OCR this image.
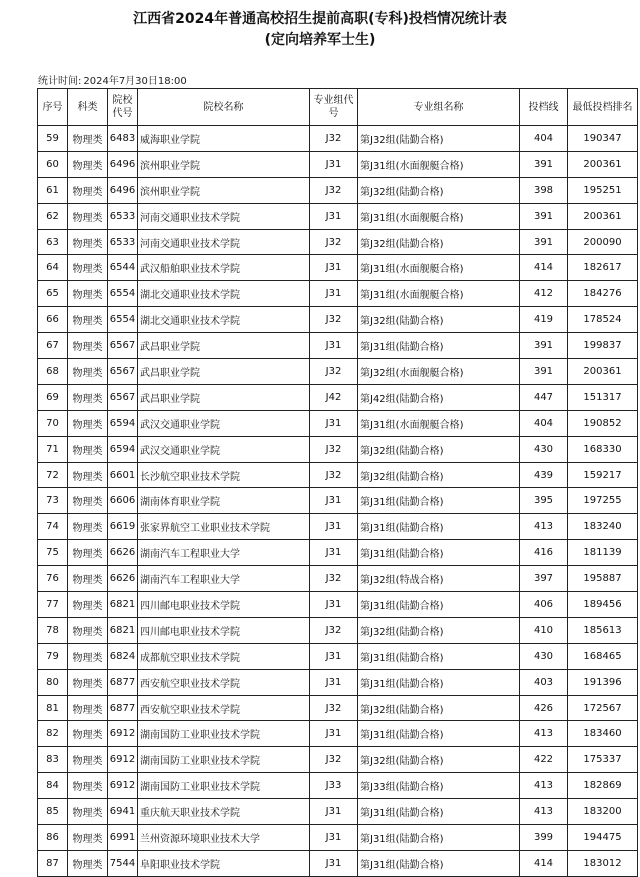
江西省2024年普通高校招生提前高职(专科)投档情况统计表
(定向培养军士生)
统计时间: 2024年7月30日18:00
序号	科类	院校代号	院校名称	专业组代号	专业组名称	投档线	最低投档排名
59	物理类	6483	威海职业学院	J32	第J32组(陆勤合格)	404	190347
60	物理类	6496	滨州职业学院	J31	第J31组(水面舰艇合格)	391	200361
61	物理类	6496	滨州职业学院	J32	第J32组(陆勤合格)	398	195251
62	物理类	6533	河南交通职业技术学院	J31	第J31组(水面舰艇合格)	391	200361
63	物理类	6533	河南交通职业技术学院	J32	第J32组(陆勤合格)	391	200090
64	物理类	6544	武汉船舶职业技术学院	J31	第J31组(水面舰艇合格)	414	182617
65	物理类	6554	湖北交通职业技术学院	J31	第J31组(水面舰艇合格)	412	184276
66	物理类	6554	湖北交通职业技术学院	J32	第J32组(陆勤合格)	419	178524
67	物理类	6567	武昌职业学院	J31	第J31组(陆勤合格)	391	199837
68	物理类	6567	武昌职业学院	J32	第J32组(水面舰艇合格)	391	200361
69	物理类	6567	武昌职业学院	J42	第J42组(陆勤合格)	447	151317
70	物理类	6594	武汉交通职业学院	J31	第J31组(水面舰艇合格)	404	190852
71	物理类	6594	武汉交通职业学院	J32	第J32组(陆勤合格)	430	168330
72	物理类	6601	长沙航空职业技术学院	J32	第J32组(陆勤合格)	439	159217
73	物理类	6606	湖南体育职业学院	J31	第J31组(陆勤合格)	395	197255
74	物理类	6619	张家界航空工业职业技术学院	J31	第J31组(陆勤合格)	413	183240
75	物理类	6626	湖南汽车工程职业大学	J31	第J31组(陆勤合格)	416	181139
76	物理类	6626	湖南汽车工程职业大学	J32	第J32组(特战合格)	397	195887
77	物理类	6821	四川邮电职业技术学院	J31	第J31组(陆勤合格)	406	189456
78	物理类	6821	四川邮电职业技术学院	J32	第J32组(陆勤合格)	410	185613
79	物理类	6824	成都航空职业技术学院	J31	第J31组(陆勤合格)	430	168465
80	物理类	6877	西安航空职业技术学院	J31	第J31组(陆勤合格)	403	191396
81	物理类	6877	西安航空职业技术学院	J32	第J32组(陆勤合格)	426	172567
82	物理类	6912	湖南国防工业职业技术学院	J31	第J31组(陆勤合格)	413	183460
83	物理类	6912	湖南国防工业职业技术学院	J32	第J32组(陆勤合格)	422	175337
84	物理类	6912	湖南国防工业职业技术学院	J33	第J33组(陆勤合格)	413	182869
85	物理类	6941	重庆航天职业技术学院	J31	第J31组(陆勤合格)	413	183200
86	物理类	6991	兰州资源环境职业技术大学	J31	第J31组(陆勤合格)	399	194475
87	物理类	7544	阜阳职业技术学院	J31	第J31组(陆勤合格)	414	183012
